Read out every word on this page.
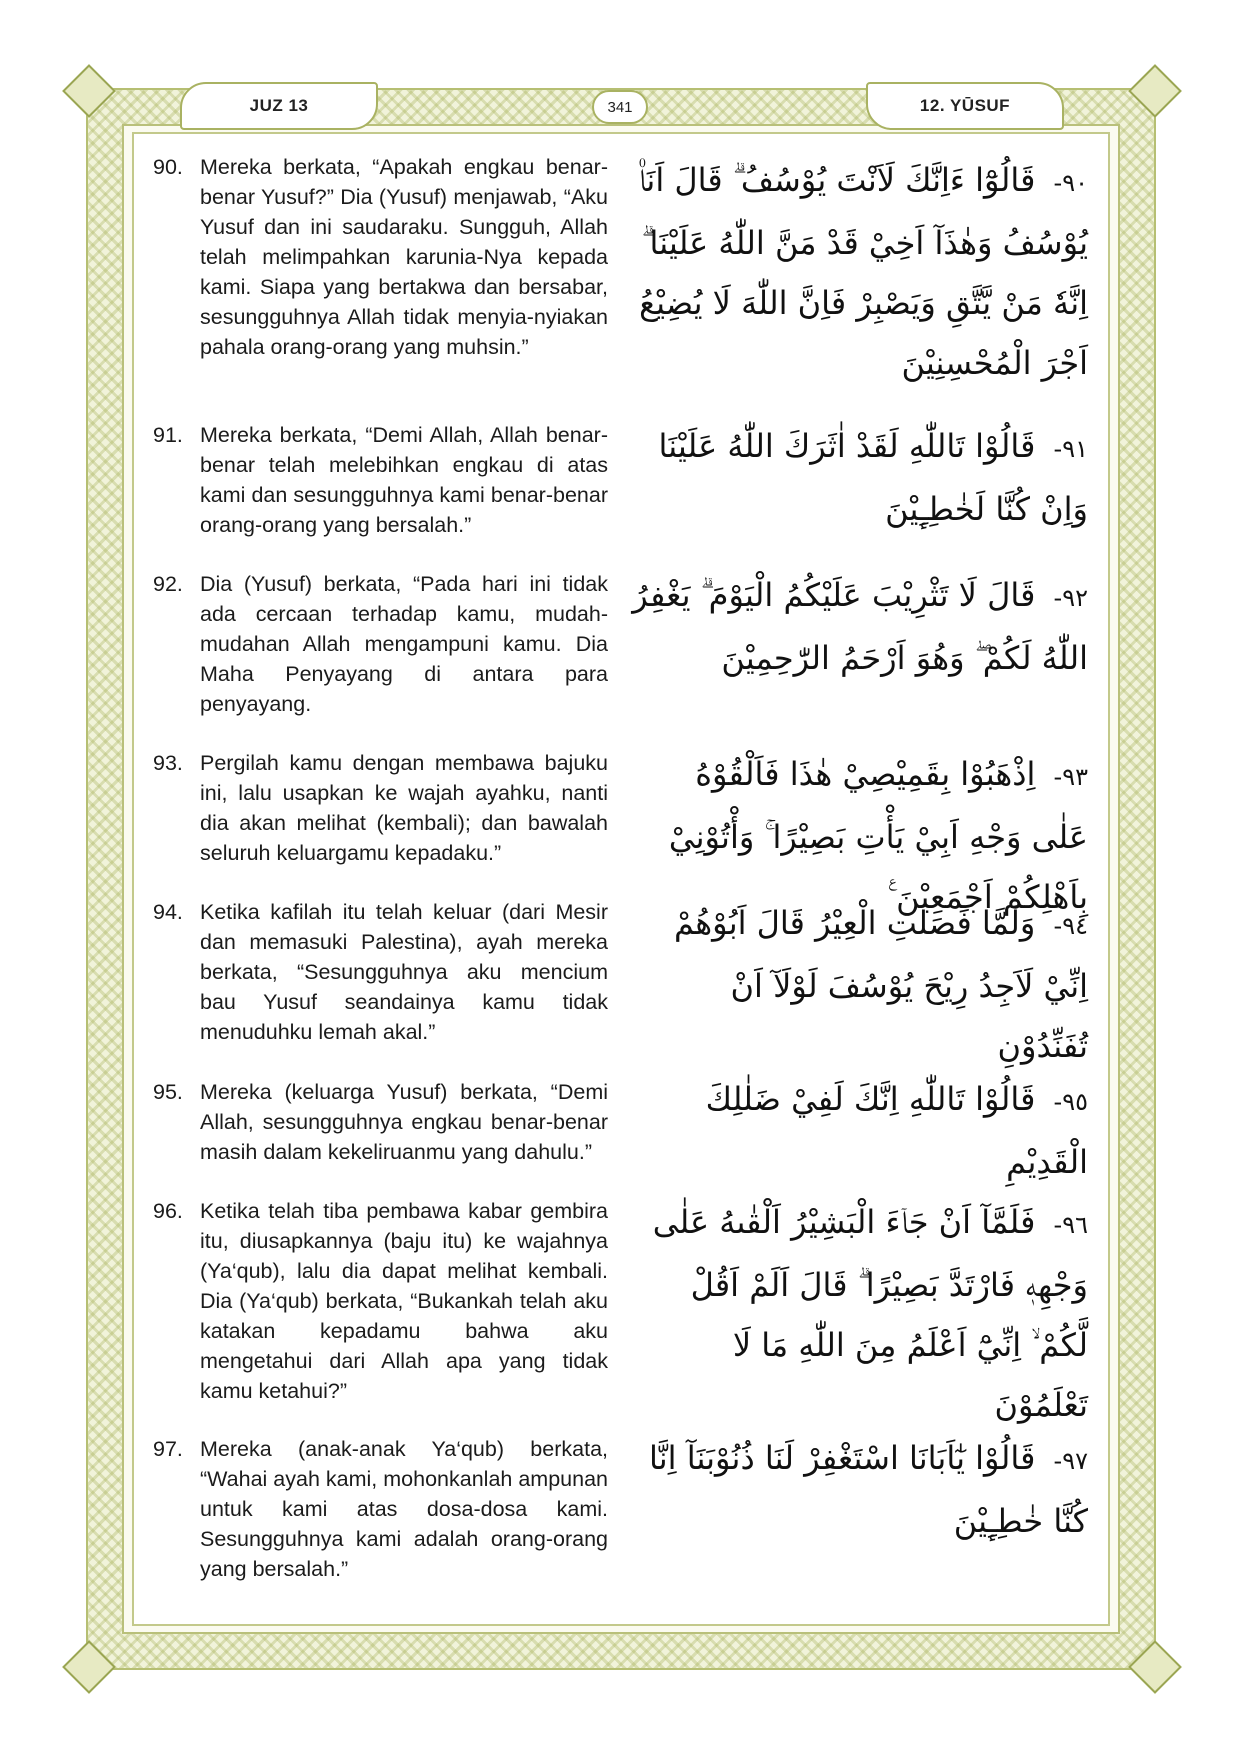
JUZ 13	341	12. YŪSUF
90. Mereka berkata, “Apakah engkau benar-benar Yusuf?” Dia (Yusuf) menjawab, “Aku Yusuf dan ini saudaraku. Sungguh, Allah telah melimpahkan karunia-Nya kepada kami. Siapa yang bertakwa dan bersabar, sesungguhnya Allah tidak menyia-nyiakan pahala orang-orang yang muhsin.”
٩٠- قَالُوْٓا ءَاِنَّكَ لَاَنْتَ يُوْسُفُ ۗ قَالَ اَنَا۠ يُوْسُفُ وَهٰذَآ اَخِيْ قَدْ مَنَّ اللّٰهُ عَلَيْنَا ۗ اِنَّهٗ مَنْ يَّتَّقِ وَيَصْبِرْ فَاِنَّ اللّٰهَ لَا يُضِيْعُ اَجْرَ الْمُحْسِنِيْنَ
91. Mereka berkata, “Demi Allah, Allah benar-benar telah melebihkan engkau di atas kami dan sesungguhnya kami benar-benar orang-orang yang bersalah.”
٩١- قَالُوْا تَاللّٰهِ لَقَدْ اٰثَرَكَ اللّٰهُ عَلَيْنَا وَاِنْ كُنَّا لَخٰطِـِٕيْنَ
92. Dia (Yusuf) berkata, “Pada hari ini tidak ada cercaan terhadap kamu, mudah-mudahan Allah mengampuni kamu. Dia Maha Penyayang di antara para penyayang.
٩٢- قَالَ لَا تَثْرِيْبَ عَلَيْكُمُ الْيَوْمَ ۗ يَغْفِرُ اللّٰهُ لَكُمْ ۖ وَهُوَ اَرْحَمُ الرّٰحِمِيْنَ
93. Pergilah kamu dengan membawa bajuku ini, lalu usapkan ke wajah ayahku, nanti dia akan melihat (kembali); dan bawalah seluruh keluargamu kepadaku.”
٩٣- اِذْهَبُوْا بِقَمِيْصِيْ هٰذَا فَاَلْقُوْهُ عَلٰى وَجْهِ اَبِيْ يَأْتِ بَصِيْرًا ۚ وَأْتُوْنِيْ بِاَهْلِكُمْ اَجْمَعِيْنَ ࣖ
94. Ketika kafilah itu telah keluar (dari Mesir dan memasuki Palestina), ayah mereka berkata, “Sesungguhnya aku mencium bau Yusuf seandainya kamu tidak menuduhku lemah akal.”
٩٤- وَلَمَّا فَصَلَتِ الْعِيْرُ قَالَ اَبُوْهُمْ اِنِّيْ لَاَجِدُ رِيْحَ يُوْسُفَ لَوْلَآ اَنْ تُفَنِّدُوْنِ
95. Mereka (keluarga Yusuf) berkata, “Demi Allah, sesungguhnya engkau benar-benar masih dalam kekeliruanmu yang dahulu.”
٩٥- قَالُوْا تَاللّٰهِ اِنَّكَ لَفِيْ ضَلٰلِكَ الْقَدِيْمِ
96. Ketika telah tiba pembawa kabar gembira itu, diusapkannya (baju itu) ke wajahnya (Ya‘qub), lalu dia dapat melihat kembali. Dia (Ya‘qub) berkata, “Bukankah telah aku katakan kepadamu bahwa aku mengetahui dari Allah apa yang tidak kamu ketahui?”
٩٦- فَلَمَّآ اَنْ جَاۤءَ الْبَشِيْرُ اَلْقٰىهُ عَلٰى وَجْهِهٖ فَارْتَدَّ بَصِيْرًا ۗ قَالَ اَلَمْ اَقُلْ لَّكُمْ ۙ اِنِّيْٓ اَعْلَمُ مِنَ اللّٰهِ مَا لَا تَعْلَمُوْنَ
97. Mereka (anak-anak Ya‘qub) berkata, “Wahai ayah kami, mohonkanlah ampunan untuk kami atas dosa-dosa kami. Sesungguhnya kami adalah orang-orang yang bersalah.”
٩٧- قَالُوْا يٰٓاَبَانَا اسْتَغْفِرْ لَنَا ذُنُوْبَنَآ اِنَّا كُنَّا خٰطِـِٕيْنَ
